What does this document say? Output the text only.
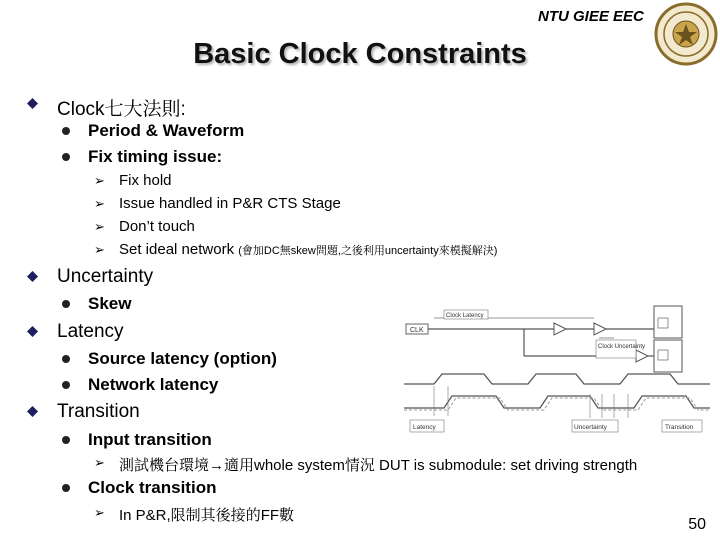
NTU GIEE EEC
Basic Clock Constraints
Clock七大法則:
Period & Waveform
Fix timing issue:
➢ Fix hold
➢ Issue handled in P&R CTS Stage
➢ Don’t touch
➢ Set ideal network (會加DC無skew問題,之後利用uncertainty來模擬解決)
Uncertainty
Skew
Latency
Source latency (option)
Network latency
Transition
Input transition
➢ 測試機台環境→適用whole system情況 DUT is submodule: set driving strength
Clock transition
➢ In P&R,限制其後接的FF數
CLK
Clock Latency
Clock Uncertainty
Latency	Uncertainty	Transition
50
